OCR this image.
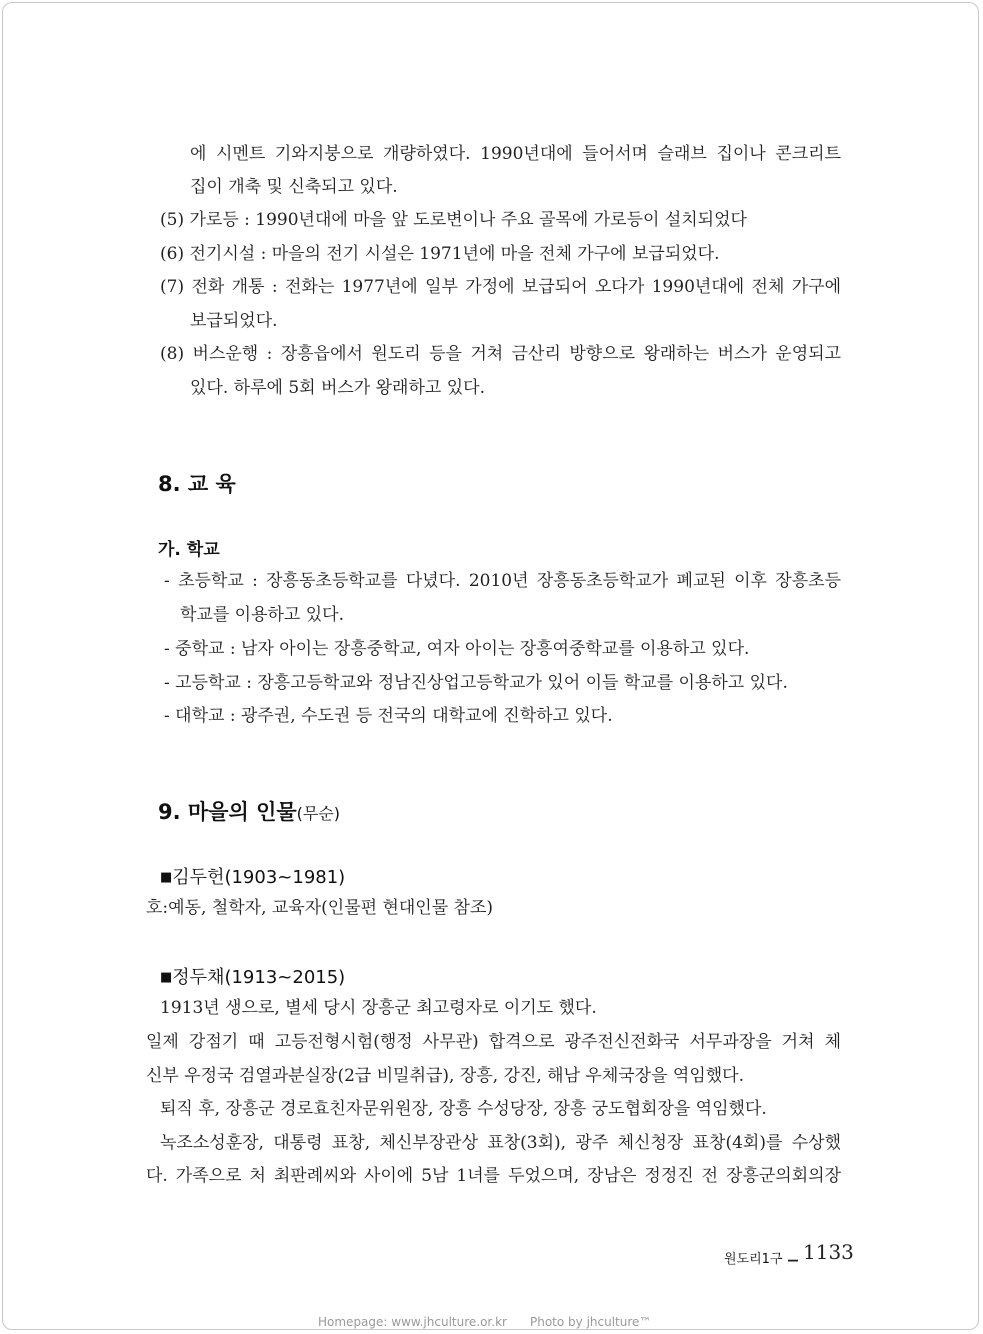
에 시멘트 기와지붕으로 개량하였다. 1990년대에 들어서며 슬래브 집이나 콘크리트
집이 개축 및 신축되고 있다.
(5) 가로등 : 1990년대에 마을 앞 도로변이나 주요 골목에 가로등이 설치되었다
(6) 전기시설 : 마을의 전기 시설은 1971년에 마을 전체 가구에 보급되었다.
(7) 전화 개통 : 전화는 1977년에 일부 가정에 보급되어 오다가 1990년대에 전체 가구에
보급되었다.
(8) 버스운행 : 장흥읍에서 원도리 등을 거쳐 금산리 방향으로 왕래하는 버스가 운영되고
있다. 하루에 5회 버스가 왕래하고 있다.
8. 교 육
가. 학교
- 초등학교 : 장흥동초등학교를 다녔다. 2010년 장흥동초등학교가 폐교된 이후 장흥초등
학교를 이용하고 있다.
- 중학교 : 남자 아이는 장흥중학교, 여자 아이는 장흥여중학교를 이용하고 있다.
- 고등학교 : 장흥고등학교와 정남진상업고등학교가 있어 이들 학교를 이용하고 있다.
- 대학교 : 광주권, 수도권 등 전국의 대학교에 진학하고 있다.
9. 마을의 인물(무순)
■김두헌(1903~1981)
호:예동, 철학자, 교육자(인물편 현대인물 참조)
■정두채(1913~2015)
1913년 생으로, 별세 당시 장흥군 최고령자로 이기도 했다.
일제 강점기 때 고등전형시험(행정 사무관) 합격으로 광주전신전화국 서무과장을 거쳐 체
신부 우정국 검열과분실장(2급 비밀취급), 장흥, 강진, 해남 우체국장을 역임했다.
퇴직 후, 장흥군 경로효친자문위원장, 장흥 수성당장, 장흥 궁도협회장을 역임했다.
녹조소성훈장, 대통령 표창, 체신부장관상 표창(3회), 광주 체신청장 표창(4회)를 수상했
다. 가족으로 처 최판례씨와 사이에 5남 1녀를 두었으며, 장남은 정정진 전 장흥군의회의장
원도리1구 _ 1133
Homepage: www.jhculture.or.kr Photo by jhculture™
